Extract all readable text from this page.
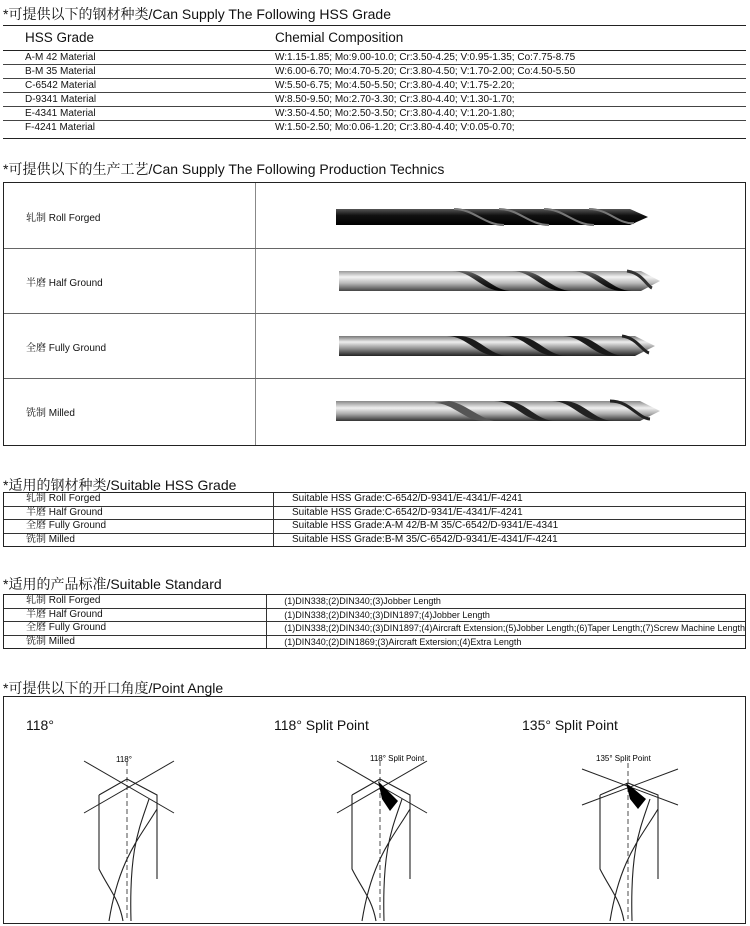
*可提供以下的钢材种类/Can Supply The Following HSS Grade
HSS Grade	Chemial Composition
A-M 42 Material	W:1.15-1.85; Mo:9.00-10.0; Cr:3.50-4.25; V:0.95-1.35; Co:7.75-8.75
B-M 35 Material	W:6.00-6.70; Mo:4.70-5.20; Cr:3.80-4.50; V:1.70-2.00; Co:4.50-5.50
C-6542 Material	W:5.50-6.75; Mo:4.50-5.50; Cr:3.80-4.40; V:1.75-2.20;
D-9341 Material	W:8.50-9.50; Mo:2.70-3.30; Cr:3.80-4.40; V:1.30-1.70;
E-4341 Material	W:3.50-4.50; Mo:2.50-3.50; Cr:3.80-4.40; V:1.20-1.80;
F-4241 Material	W:1.50-2.50; Mo:0.06-1.20; Cr:3.80-4.40; V:0.05-0.70;
*可提供以下的生产工艺/Can Supply The Following Production Technics
轧制 Roll Forged
半磨 Half Ground
全磨 Fully Ground
铣制 Milled
*适用的钢材种类/Suitable HSS Grade
轧制 Roll Forged	Suitable HSS Grade:C-6542/D-9341/E-4341/F-4241
半磨 Half Ground	Suitable HSS Grade:C-6542/D-9341/E-4341/F-4241
全磨 Fully Ground	Suitable HSS Grade:A-M 42/B-M 35/C-6542/D-9341/E-4341
铣制 Milled	Suitable HSS Grade:B-M 35/C-6542/D-9341/E-4341/F-4241
*适用的产品标准/Suitable Standard
轧制 Roll Forged	(1)DIN338;(2)DIN340;(3)Jobber Length
半磨 Half Ground	(1)DIN338;(2)DIN340;(3)DIN1897;(4)Jobber Length
全磨 Fully Ground	(1)DIN338;(2)DIN340;(3)DIN1897;(4)Aircraft Extension;(5)Jobber Length;(6)Taper Length;(7)Screw Machine Length
铣制 Milled	(1)DIN340;(2)DIN1869;(3)Aircraft Extersion;(4)Extra Length
*可提供以下的开口角度/Point Angle
118°
118°
118° Split Point
118° Split Point
135° Split Point
135° Split Point
